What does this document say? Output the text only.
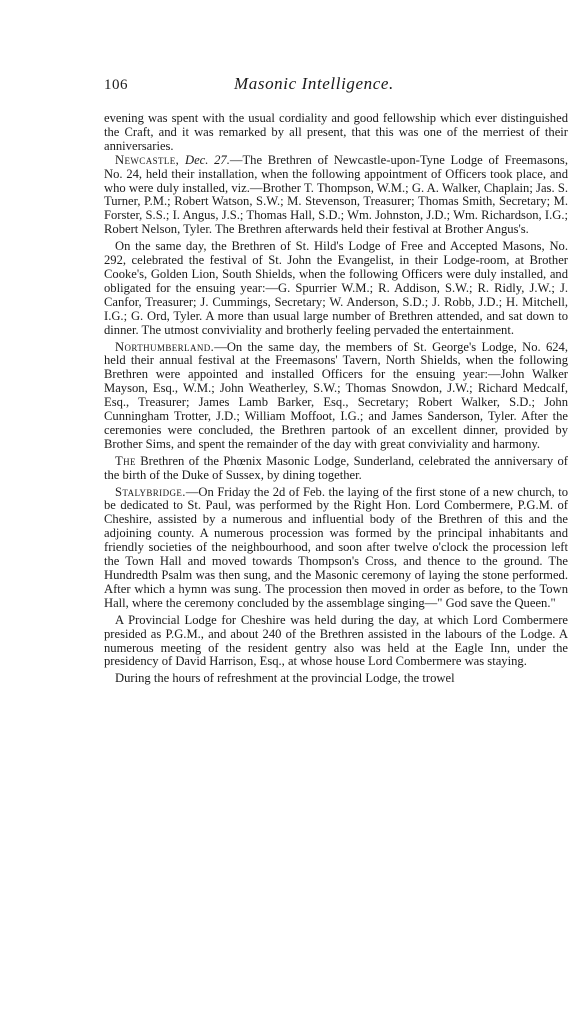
106	Masonic Intelligence.

evening was spent with the usual cordiality and good fellowship which ever distinguished the Craft, and it was remarked by all present, that this was one of the merriest of their anniversaries.

Newcastle, Dec. 27.—The Brethren of Newcastle-upon-Tyne Lodge of Freemasons, No. 24, held their installation, when the following appointment of Officers took place, and who were duly installed, viz.—Brother T. Thompson, W.M.; G. A. Walker, Chaplain; Jas. S. Turner, P.M.; Robert Watson, S.W.; M. Stevenson, Treasurer; Thomas Smith, Secretary; M. Forster, S.S.; I. Angus, J.S.; Thomas Hall, S.D.; Wm. Johnston, J.D.; Wm. Richardson, I.G.; Robert Nelson, Tyler. The Brethren afterwards held their festival at Brother Angus's.

On the same day, the Brethren of St. Hild's Lodge of Free and Accepted Masons, No. 292, celebrated the festival of St. John the Evangelist, in their Lodge-room, at Brother Cooke's, Golden Lion, South Shields, when the following Officers were duly installed, and obligated for the ensuing year:—G. Spurrier W.M.; R. Addison, S.W.; R. Ridly, J.W.; J. Canfor, Treasurer; J. Cummings, Secretary; W. Anderson, S.D.; J. Robb, J.D.; H. Mitchell, I.G.; G. Ord, Tyler. A more than usual large number of Brethren attended, and sat down to dinner. The utmost conviviality and brotherly feeling pervaded the entertainment.

Northumberland.—On the same day, the members of St. George's Lodge, No. 624, held their annual festival at the Freemasons' Tavern, North Shields, when the following Brethren were appointed and installed Officers for the ensuing year:—John Walker Mayson, Esq., W.M.; John Weatherley, S.W.; Thomas Snowdon, J.W.; Richard Medcalf, Esq., Treasurer; James Lamb Barker, Esq., Secretary; Robert Walker, S.D.; John Cunningham Trotter, J.D.; William Moffoot, I.G.; and James Sanderson, Tyler. After the ceremonies were concluded, the Brethren partook of an excellent dinner, provided by Brother Sims, and spent the remainder of the day with great conviviality and harmony.

The Brethren of the Phœnix Masonic Lodge, Sunderland, celebrated the anniversary of the birth of the Duke of Sussex, by dining together.

Stalybridge.—On Friday the 2d of Feb. the laying of the first stone of a new church, to be dedicated to St. Paul, was performed by the Right Hon. Lord Combermere, P.G.M. of Cheshire, assisted by a numerous and influential body of the Brethren of this and the adjoining county. A numerous procession was formed by the principal inhabitants and friendly societies of the neighbourhood, and soon after twelve o'clock the procession left the Town Hall and moved towards Thompson's Cross, and thence to the ground. The Hundredth Psalm was then sung, and the Masonic ceremony of laying the stone performed. After which a hymn was sung. The procession then moved in order as before, to the Town Hall, where the ceremony concluded by the assemblage singing—" God save the Queen."

A Provincial Lodge for Cheshire was held during the day, at which Lord Combermere presided as P.G.M., and about 240 of the Brethren assisted in the labours of the Lodge. A numerous meeting of the resident gentry also was held at the Eagle Inn, under the presidency of David Harrison, Esq., at whose house Lord Combermere was staying.

During the hours of refreshment at the provincial Lodge, the trowel
